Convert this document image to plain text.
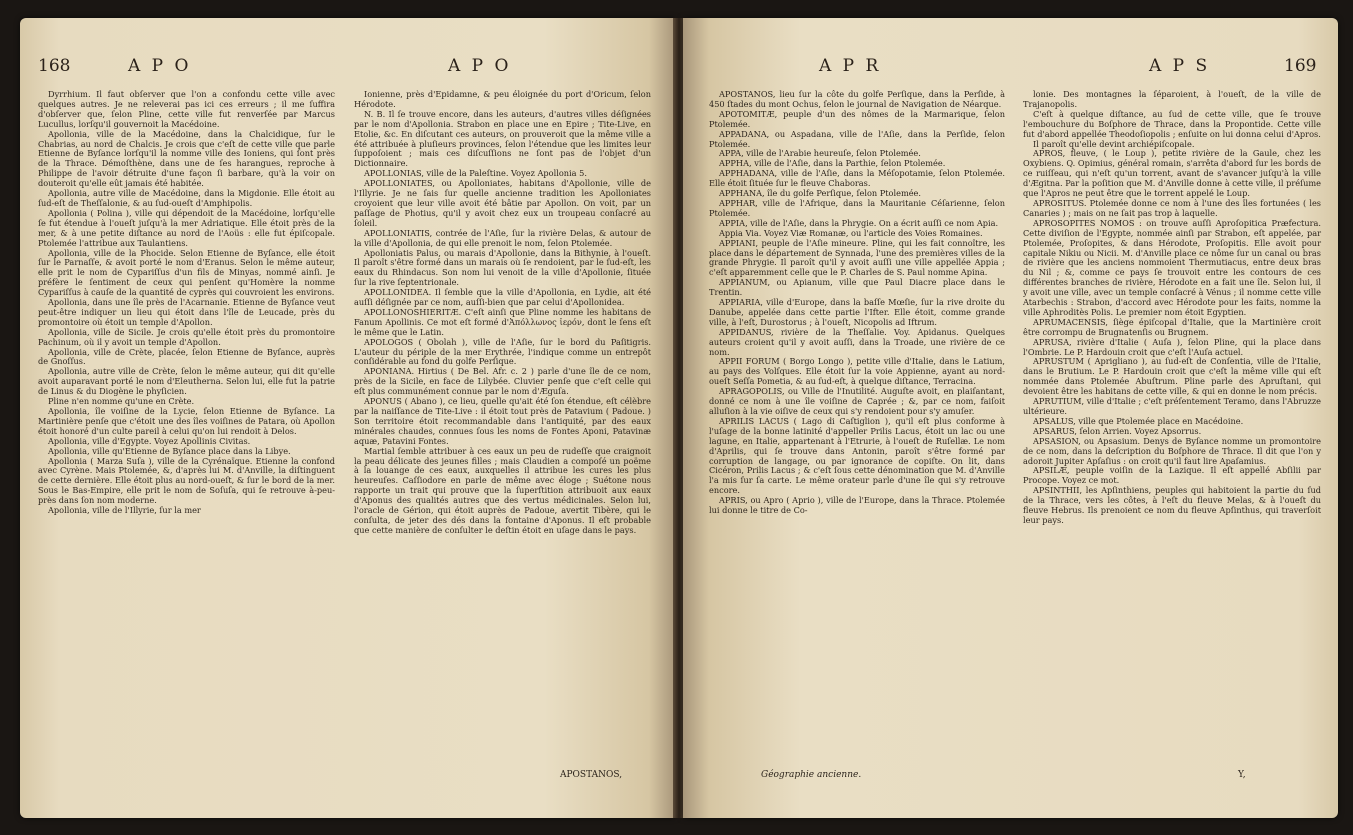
168	A P O	A P O

Dyrrhium. Il faut obſerver que l'on a confondu cette ville avec quelques autres. Je ne releverai pas ici ces erreurs ; il me ſuffira d'obſerver que, ſelon Pline, cette ville fut renverſée par Marcus Lucullus, lorſqu'il gouvernoit la Macédoine.

Apollonia, ville de la Macédoine, dans la Chalcidique, ſur le Chabrias, au nord de Chalcis. Je crois que c'eſt de cette ville que parle Etienne de Byſance lorſqu'il la nomme ville des Ioniens, qui ſont près de la Thrace. Démoſthène, dans une de ſes harangues, reproche à Philippe de l'avoir détruite d'une façon ſi barbare, qu'à la voir on douteroit qu'elle eût jamais été habitée.

Apollonia, autre ville de Macédoine, dans la Migdonie. Elle étoit au ſud-eſt de Theſſalonie, & au ſud-oueſt d'Amphipolis.

Apollonia ( Polina ), ville qui dépendoit de la Macédoine, lorſqu'elle ſe fut étendue à l'oueſt juſqu'à la mer Adriatique. Elle étoit près de la mer, & à une petite diſtance au nord de l'Aoüs : elle fut épiſcopale. Ptolemée l'attribue aux Taulantiens.

Apollonia, ville de la Phocide. Selon Etienne de Byſance, elle étoit ſur le Parnaſſe, & avoit porté le nom d'Eranus. Selon le même auteur, elle prit le nom de Cypariſſus d'un fils de Minyas, nommé ainſi. Je préfère le ſentiment de ceux qui penſent qu'Homère la nomme Cypariſſus à cauſe de la quantité de cyprès qui couvroient les environs.

Apollonia, dans une île près de l'Acarnanie. Etienne de Byſance veut peut-être indiquer un lieu qui étoit dans l'île de Leucade, près du promontoire où étoit un temple d'Apollon.

Apollonia, ville de Sicile. Je crois qu'elle étoit près du promontoire Pachinum, où il y avoit un temple d'Apollon.

Apollonia, ville de Crète, placée, ſelon Etienne de Byſance, auprès de Gnoſſus.

Apollonia, autre ville de Crète, ſelon le même auteur, qui dit qu'elle avoit auparavant porté le nom d'Eleutherna. Selon lui, elle fut la patrie de Linus & du Diogène le phyſicien.

Pline n'en nomme qu'une en Crète.

Apollonia, île voiſine de la Lycie, ſelon Etienne de Byſance. La Martinière penſe que c'étoit une des îles voiſines de Patara, où Apollon étoit honoré d'un culte pareil à celui qu'on lui rendoit à Delos.

Apollonia, ville d'Egypte. Voyez Apollinis Civitas.

Apollonia, ville qu'Etienne de Byſance place dans la Libye.

Apollonia ( Marza Suſa ), ville de la Cyrénaïque. Etienne la confond avec Cyrène. Mais Ptolemée, &, d'après lui M. d'Anville, la diſtinguent de cette dernière. Elle étoit plus au nord-oueſt, & ſur le bord de la mer. Sous le Bas-Empire, elle prit le nom de Soſuſa, qui ſe retrouve à-peu-près dans ſon nom moderne.

Apollonia, ville de l'Illyrie, ſur la mer

Ionienne, près d'Epidamne, & peu éloignée du port d'Oricum, ſelon Hérodote.

N. B. Il ſe trouve encore, dans les auteurs, d'autres villes déſignées par le nom d'Apollonia. Strabon en place une en Epire ; Tite-Live, en Etolie, &c. En diſcutant ces auteurs, on prouveroit que la même ville a été attribuée à pluſieurs provinces, ſelon l'étendue que les limites leur ſuppoſoient ; mais ces diſcuſſions ne ſont pas de l'objet d'un Dictionnaire.

APOLLONIAS, ville de la Paleſtine. Voyez Apollonia 5.

APOLLONIATES, ou Apolloniates, habitans d'Apollonie, ville de l'Illyrie. Je ne ſais ſur quelle ancienne tradition les Apolloniates croyoient que leur ville avoit été bâtie par Apollon. On voit, par un paſſage de Photius, qu'il y avoit chez eux un troupeau conſacré au ſoleil.

APOLLONIATIS, contrée de l'Aſie, ſur la rivière Delas, & autour de la ville d'Apollonia, de qui elle prenoit le nom, ſelon Ptolemée.

Apolloniatis Palus, ou marais d'Apollonie, dans la Bithynie, à l'oueſt. Il paroît s'être formé dans un marais où ſe rendoient, par le ſud-eſt, les eaux du Rhindacus. Son nom lui venoit de la ville d'Apollonie, ſituée ſur la rive ſeptentrionale.

APOLLONIDEA. Il ſemble que la ville d'Apollonia, en Lydie, ait été auſſi déſignée par ce nom, auſſi-bien que par celui d'Apollonidea.

APOLLONOSHIERITÆ. C'eſt ainſi que Pline nomme les habitans de Fanum Apollinis. Ce mot eſt formé d'Ἀπόλλωνος ἱερόν, dont le ſens eſt le même que le Latin.

APOLOGOS ( Obolah ), ville de l'Aſie, ſur le bord du Paſitigris. L'auteur du périple de la mer Erythrée, l'indique comme un entrepôt conſidérable au fond du golfe Perſique.

APONIANA. Hirtius ( De Bel. Afr. c. 2 ) parle d'une île de ce nom, près de la Sicile, en face de Lilybée. Cluvier penſe que c'eſt celle qui eſt plus communément connue par le nom d'Æguſa.

APONUS ( Abano ), ce lieu, quelle qu'ait été ſon étendue, eſt célèbre par la naiſſance de Tite-Live : il étoit tout près de Patavium ( Padoue. ) Son territoire étoit recommandable dans l'antiquité, par des eaux minérales chaudes, connues ſous les noms de Fontes Aponi, Patavinæ aquæ, Patavini Fontes.

Martial ſemble attribuer à ces eaux un peu de rudeſſe que craignoit la peau délicate des jeunes filles ; mais Claudien a compoſé un poëme à la louange de ces eaux, auxquelles il attribue les cures les plus heureuſes. Caſſiodore en parle de même avec éloge ; Suétone nous rapporte un trait qui prouve que la ſuperſtition attribuoit aux eaux d'Aponus des qualités autres que des vertus médicinales. Selon lui, l'oracle de Gérion, qui étoit auprès de Padoue, avertit Tibère, qui le conſulta, de jeter des dés dans la fontaine d'Aponus. Il eſt probable que cette manière de conſulter le deſtin étoit en uſage dans le pays.

APOSTANOS,
A P R	A P S	169

APOSTANOS, lieu ſur la côte du golfe Perſique, dans la Perſide, à 450 ſtades du mont Ochus, ſelon le journal de Navigation de Néarque.

APOTOMITÆ, peuple d'un des nômes de la Marmarique, ſelon Ptolemée.

APPADANA, ou Aspadana, ville de l'Aſie, dans la Perſide, ſelon Ptolemée.

APPA, ville de l'Arabie heureuſe, ſelon Ptolemée.

APPHA, ville de l'Aſie, dans la Parthie, ſelon Ptolemée.

APPHADANA, ville de l'Aſie, dans la Méſopotamie, ſelon Ptolemée. Elle étoit ſituée ſur le fleuve Chaboras.

APPHANA, île du golfe Perſique, ſelon Ptolemée.

APPHAR, ville de l'Afrique, dans la Mauritanie Céſarienne, ſelon Ptolemée.

APPIA, ville de l'Aſie, dans la Phrygie. On a écrit auſſi ce nom Apia.

Appia Via. Voyez Viæ Romanæ, ou l'article des Voies Romaines.

APPIANI, peuple de l'Aſie mineure. Pline, qui les fait connoître, les place dans le département de Synnada, l'une des premières villes de la grande Phrygie. Il paroît qu'il y avoit auſſi une ville appellée Appia ; c'eſt apparemment celle que le P. Charles de S. Paul nomme Apina.

APPIANUM, ou Apianum, ville que Paul Diacre place dans le Trentin.

APPIARIA, ville d'Europe, dans la baſſe Mœſie, ſur la rive droite du Danube, appelée dans cette partie l'Ifter. Elle étoit, comme grande ville, à l'eſt, Durostorus ; à l'oueſt, Nicopolis ad Iftrum.

APPIDANUS, rivière de la Theſſalie. Voy. Apidanus. Quelques auteurs croient qu'il y avoit auſſi, dans la Troade, une rivière de ce nom.

APPII FORUM ( Borgo Longo ), petite ville d'Italie, dans le Latium, au pays des Volſques. Elle étoit ſur la voie Appienne, ayant au nord-oueſt Seſſa Pometia, & au ſud-eſt, à quelque diſtance, Terracina.

APRAGOPOLIS, ou Ville de l'Inutilité. Auguſte avoit, en plaiſantant, donné ce nom à une île voiſine de Caprée ; &, par ce nom, faiſoit alluſion à la vie oiſive de ceux qui s'y rendoient pour s'y amuſer.

APRILIS LACUS ( Lago di Caſtiglion ), qu'il eſt plus conforme à l'uſage de la bonne latinité d'appeller Prilis Lacus, étoit un lac ou une lagune, en Italie, appartenant à l'Etrurie, à l'oueſt de Ruſellæ. Le nom d'Aprilis, qui ſe trouve dans Antonin, paroît s'être formé par corruption de langage, ou par ignorance de copiſte. On lit, dans Cicéron, Prilis Lacus ; & c'eſt ſous cette dénomination que M. d'Anville l'a mis ſur ſa carte. Le même orateur parle d'une île qui s'y retrouve encore.

APRIS, ou Apro ( Aprio ), ville de l'Europe, dans la Thrace. Ptolemée lui donne le titre de Co-

lonie. Des montagnes la ſéparoient, à l'oueſt, de la ville de Trajanopolis.

C'eſt à quelque diſtance, au ſud de cette ville, que ſe trouve l'embouchure du Boſphore de Thrace, dans la Propontide. Cette ville fut d'abord appellée Theodoſiopolis ; enſuite on lui donna celui d'Apros.

Il paroît qu'elle devint archiépiſcopale.

APROS, fleuve, ( le Loup ), petite rivière de la Gaule, chez les Oxybiens. Q. Opimius, général romain, s'arrêta d'abord ſur les bords de ce ruiſſeau, qui n'eſt qu'un torrent, avant de s'avancer juſqu'à la ville d'Ægitna. Par la poſition que M. d'Anville donne à cette ville, il préſume que l'Apros ne peut être que le torrent appelé le Loup.

APROSITUS. Ptolemée donne ce nom à l'une des îles fortunées ( les Canaries ) ; mais on ne ſait pas trop à laquelle.

APROSOPITES NOMOS : on trouve auſſi Aproſopitica Præfectura. Cette diviſion de l'Egypte, nommée ainſi par Strabon, eſt appelée, par Ptolemée, Proſopites, & dans Hérodote, Proſopitis. Elle avoit pour capitale Nikiu ou Nicii. M. d'Anville place ce nôme ſur un canal ou bras de rivière que les anciens nommoient Thermutiacus, entre deux bras du Nil ; &, comme ce pays ſe trouvoit entre les contours de ces différentes branches de rivière, Hérodote en a fait une île. Selon lui, il y avoit une ville, avec un temple conſacré à Vénus ; il nomme cette ville Atarbechis : Strabon, d'accord avec Hérodote pour les faits, nomme la ville Aphroditès Polis. Le premier nom étoit Egyptien.

APRUMACENSIS, ſiège épiſcopal d'Italie, que la Martinière croit être corrompu de Brugnatenſis ou Brugnem.

APRUSA, rivière d'Italie ( Auſa ), ſelon Pline, qui la place dans l'Ombrie. Le P. Hardouin croit que c'eſt l'Auſa actuel.

APRUSTUM ( Aprigliano ), au ſud-eſt de Conſentia, ville de l'Italie, dans le Brutium. Le P. Hardouin croit que c'eſt la même ville qui eſt nommée dans Ptolemée Abuſtrum. Pline parle des Apruſtani, qui devoient être les habitans de cette ville, & qui en donne le nom précis.

APRUTIUM, ville d'Italie ; c'eſt préſentement Teramo, dans l'Abruzze ultérieure.

APSALUS, ville que Ptolemée place en Macédoine.

APSARUS, ſelon Arrien. Voyez Apsorrus.

APSASION, ou Apsasium. Denys de Byſance nomme un promontoire de ce nom, dans la deſcription du Boſphore de Thrace. Il dit que l'on y adoroit Jupiter Apſaſius : on croit qu'il faut lire Apaſamius.

APSILÆ, peuple voiſin de la Lazique. Il eſt appellé Abſilii par Procope. Voyez ce mot.

APSINTHII, les Apſinthiens, peuples qui habitoient la partie du ſud de la Thrace, vers les côtes, à l'eſt du fleuve Melas, & à l'oueſt du fleuve Hebrus. Ils prenoient ce nom du fleuve Apſinthus, qui traverſoit leur pays.

Géographie ancienne.	Y,
